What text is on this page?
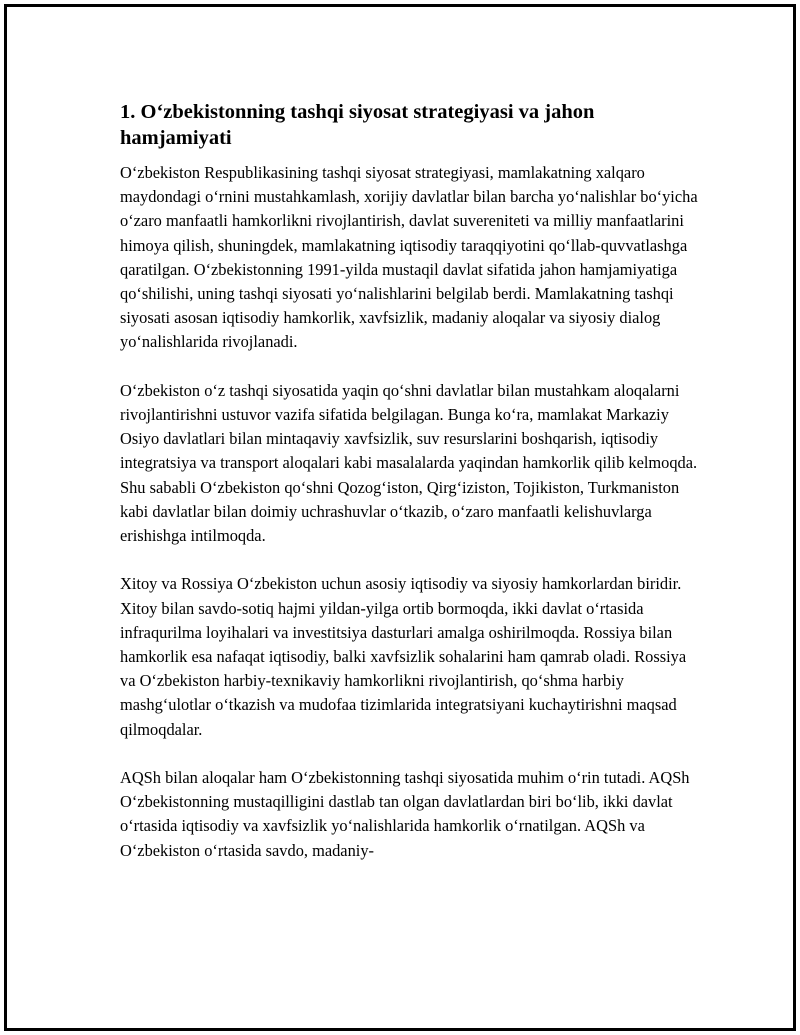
1. O‘zbekistonning tashqi siyosat strategiyasi va jahon hamjamiyati

O‘zbekiston Respublikasining tashqi siyosat strategiyasi, mamlakatning xalqaro maydondagi o‘rnini mustahkamlash, xorijiy davlatlar bilan barcha yo‘nalishlar bo‘yicha o‘zaro manfaatli hamkorlikni rivojlantirish, davlat suvereniteti va milliy manfaatlarini himoya qilish, shuningdek, mamlakatning iqtisodiy taraqqiyotini qo‘llab-quvvatlashga qaratilgan. O‘zbekistonning 1991-yilda mustaqil davlat sifatida jahon hamjamiyatiga qo‘shilishi, uning tashqi siyosati yo‘nalishlarini belgilab berdi. Mamlakatning tashqi siyosati asosan iqtisodiy hamkorlik, xavfsizlik, madaniy aloqalar va siyosiy dialog yo‘nalishlarida rivojlanadi.

O‘zbekiston o‘z tashqi siyosatida yaqin qo‘shni davlatlar bilan mustahkam aloqalarni rivojlantirishni ustuvor vazifa sifatida belgilagan. Bunga ko‘ra, mamlakat Markaziy Osiyo davlatlari bilan mintaqaviy xavfsizlik, suv resurslarini boshqarish, iqtisodiy integratsiya va transport aloqalari kabi masalalarda yaqindan hamkorlik qilib kelmoqda. Shu sababli O‘zbekiston qo‘shni Qozog‘iston, Qirg‘iziston, Tojikiston, Turkmaniston kabi davlatlar bilan doimiy uchrashuvlar o‘tkazib, o‘zaro manfaatli kelishuvlarga erishishga intilmoqda.

Xitoy va Rossiya O‘zbekiston uchun asosiy iqtisodiy va siyosiy hamkorlardan biridir. Xitoy bilan savdo-sotiq hajmi yildan-yilga ortib bormoqda, ikki davlat o‘rtasida infraqurilma loyihalari va investitsiya dasturlari amalga oshirilmoqda. Rossiya bilan hamkorlik esa nafaqat iqtisodiy, balki xavfsizlik sohalarini ham qamrab oladi. Rossiya va O‘zbekiston harbiy-texnikaviy hamkorlikni rivojlantirish, qo‘shma harbiy mashg‘ulotlar o‘tkazish va mudofaa tizimlarida integratsiyani kuchaytirishni maqsad qilmoqdalar.

AQSh bilan aloqalar ham O‘zbekistonning tashqi siyosatida muhim o‘rin tutadi. AQSh O‘zbekistonning mustaqilligini dastlab tan olgan davlatlardan biri bo‘lib, ikki davlat o‘rtasida iqtisodiy va xavfsizlik yo‘nalishlarida hamkorlik o‘rnatilgan. AQSh va O‘zbekiston o‘rtasida savdo, madaniy-
